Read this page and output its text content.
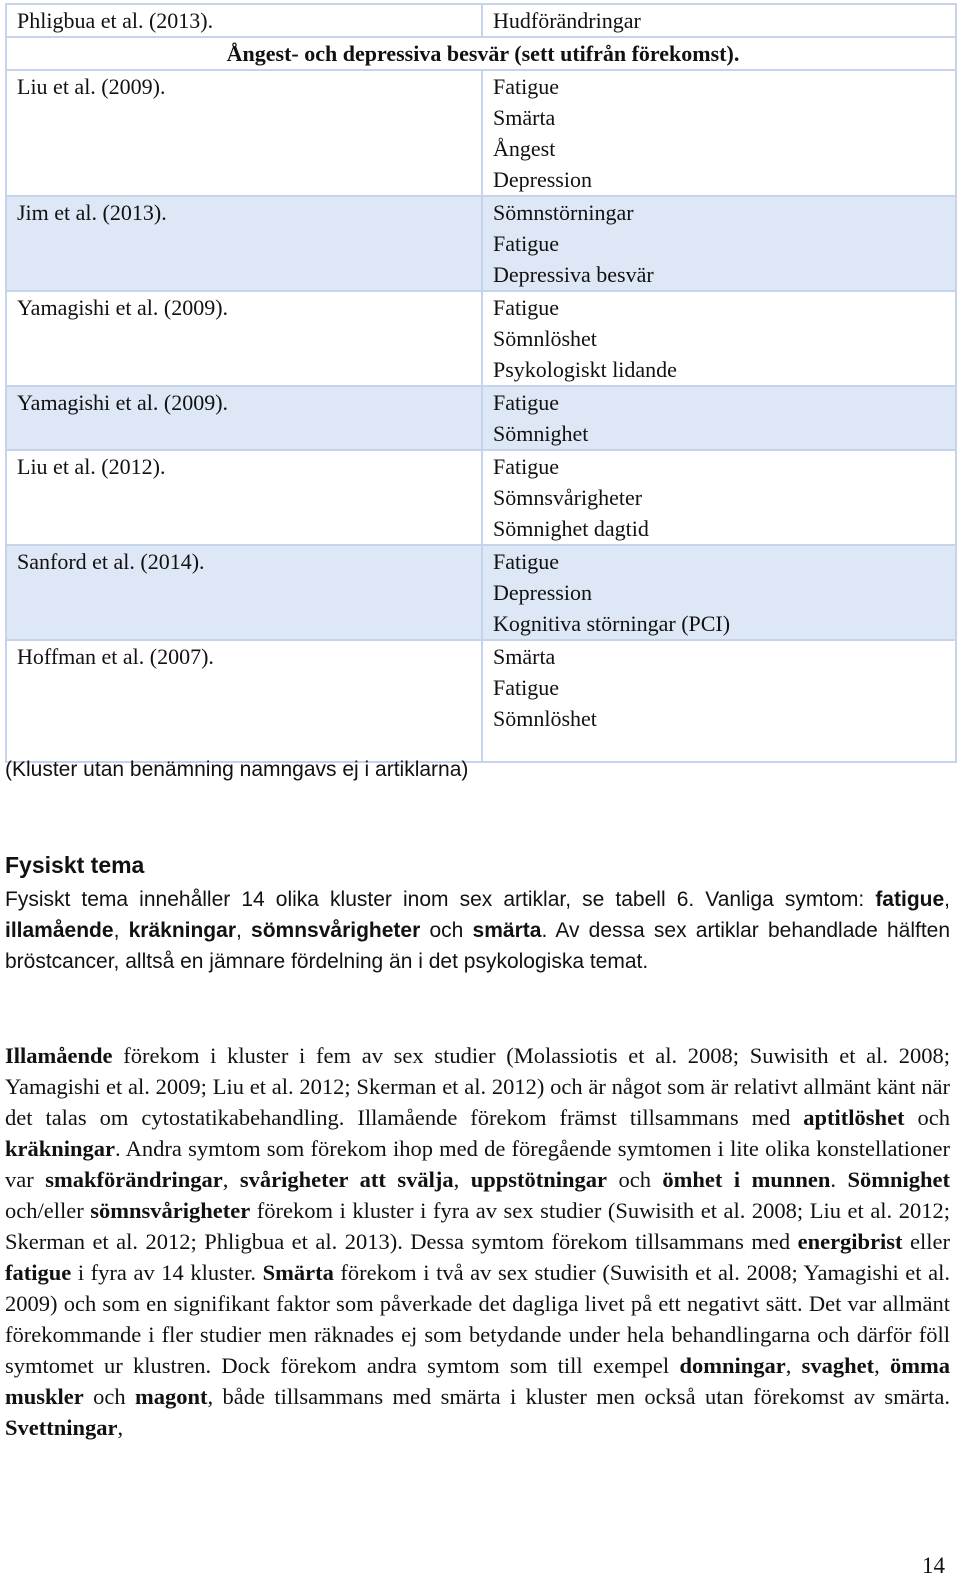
Phligbua et al. (2013).	Hudförändringar

Ångest- och depressiva besvär (sett utifrån förekomst).	
Liu et al. (2009).	Fatigue
Smärta
Ångest
Depression

Jim et al. (2013).	Sömnstörningar
Fatigue
Depressiva besvär

Yamagishi et al. (2009).	Fatigue
Sömnlöshet
Psykologiskt lidande

Yamagishi et al. (2009).	Fatigue
Sömnighet

Liu et al. (2012).	Fatigue
Sömnsvårigheter
Sömnighet dagtid

Sanford et al. (2014).	Fatigue
Depression
Kognitiva störningar (PCI)

Hoffman et al. (2007).	Smärta
Fatigue
Sömnlöshet
(Kluster utan benämning namngavs ej i artiklarna)
Fysiskt tema
Fysiskt tema innehåller 14 olika kluster inom sex artiklar, se tabell 6. Vanliga symtom: fatigue, illamående, kräkningar, sömnsvårigheter och smärta. Av dessa sex artiklar behandlade hälften bröstcancer, alltså en jämnare fördelning än i det psykologiska temat.
Illamående förekom i kluster i fem av sex studier (Molassiotis et al. 2008; Suwisith et al. 2008; Yamagishi et al. 2009; Liu et al. 2012; Skerman et al. 2012) och är något som är relativt allmänt känt när det talas om cytostatikabehandling. Illamående förekom främst tillsammans med aptitlöshet och kräkningar. Andra symtom som förekom ihop med de föregående symtomen i lite olika konstellationer var smakförändringar, svårigheter att svälja, uppstötningar och ömhet i munnen. Sömnighet och/eller sömnsvårigheter förekom i kluster i fyra av sex studier (Suwisith et al. 2008; Liu et al. 2012; Skerman et al. 2012; Phligbua et al. 2013). Dessa symtom förekom tillsammans med energibrist eller fatigue i fyra av 14 kluster. Smärta förekom i två av sex studier (Suwisith et al. 2008; Yamagishi et al. 2009) och som en signifikant faktor som påverkade det dagliga livet på ett negativt sätt. Det var allmänt förekommande i fler studier men räknades ej som betydande under hela behandlingarna och därför föll symtomet ur klustren. Dock förekom andra symtom som till exempel domningar, svaghet, ömma muskler och magont, både tillsammans med smärta i kluster men också utan förekomst av smärta. Svettningar,
14
